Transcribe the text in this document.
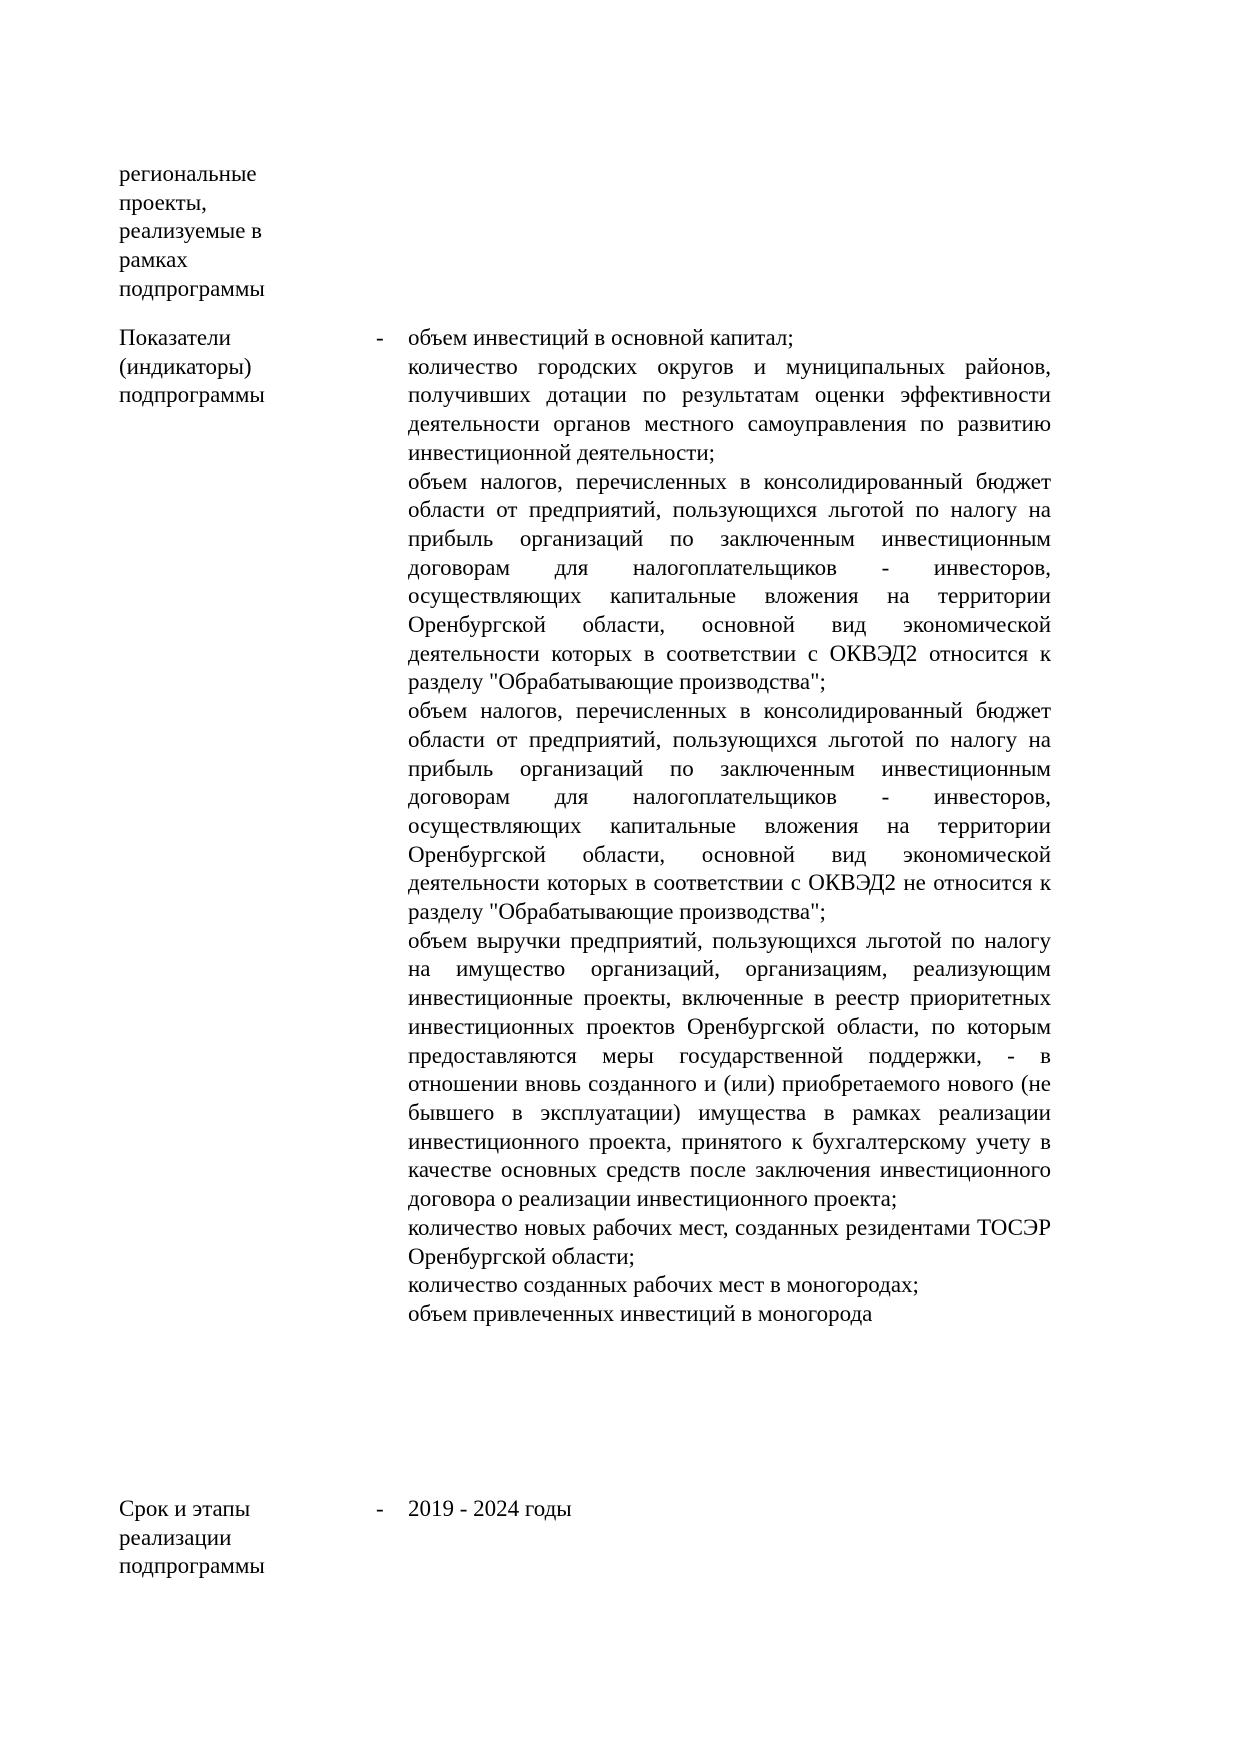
региональные проекты, реализуемые в рамках подпрограммы
Показатели (индикаторы) подпрограммы
-	объем инвестиций в основной капитал;
количество городских округов и муниципальных районов, получивших дотации по результатам оценки эффективности деятельности органов местного самоуправления по развитию инвестиционной деятельности;
объем налогов, перечисленных в консолидированный бюджет области от предприятий, пользующихся льготой по налогу на прибыль организаций по заключенным инвестиционным договорам для налогоплательщиков - инвесторов, осуществляющих капитальные вложения на территории Оренбургской области, основной вид экономической деятельности которых в соответствии с ОКВЭД2 относится к разделу "Обрабатывающие производства";
объем налогов, перечисленных в консолидированный бюджет области от предприятий, пользующихся льготой по налогу на прибыль организаций по заключенным инвестиционным договорам для налогоплательщиков - инвесторов, осуществляющих капитальные вложения на территории Оренбургской области, основной вид экономической деятельности которых в соответствии с ОКВЭД2 не относится к разделу "Обрабатывающие производства";
объем выручки предприятий, пользующихся льготой по налогу на имущество организаций, организациям, реализующим инвестиционные проекты, включенные в реестр приоритетных инвестиционных проектов Оренбургской области, по которым предоставляются меры государственной поддержки, - в отношении вновь созданного и (или) приобретаемого нового (не бывшего в эксплуатации) имущества в рамках реализации инвестиционного проекта, принятого к бухгалтерскому учету в качестве основных средств после заключения инвестиционного договора о реализации инвестиционного проекта;
количество новых рабочих мест, созданных резидентами ТОСЭР Оренбургской области;
количество созданных рабочих мест в моногородах;
объем привлеченных инвестиций в моногорода
Срок и этапы реализации подпрограммы
-	2019 - 2024 годы
